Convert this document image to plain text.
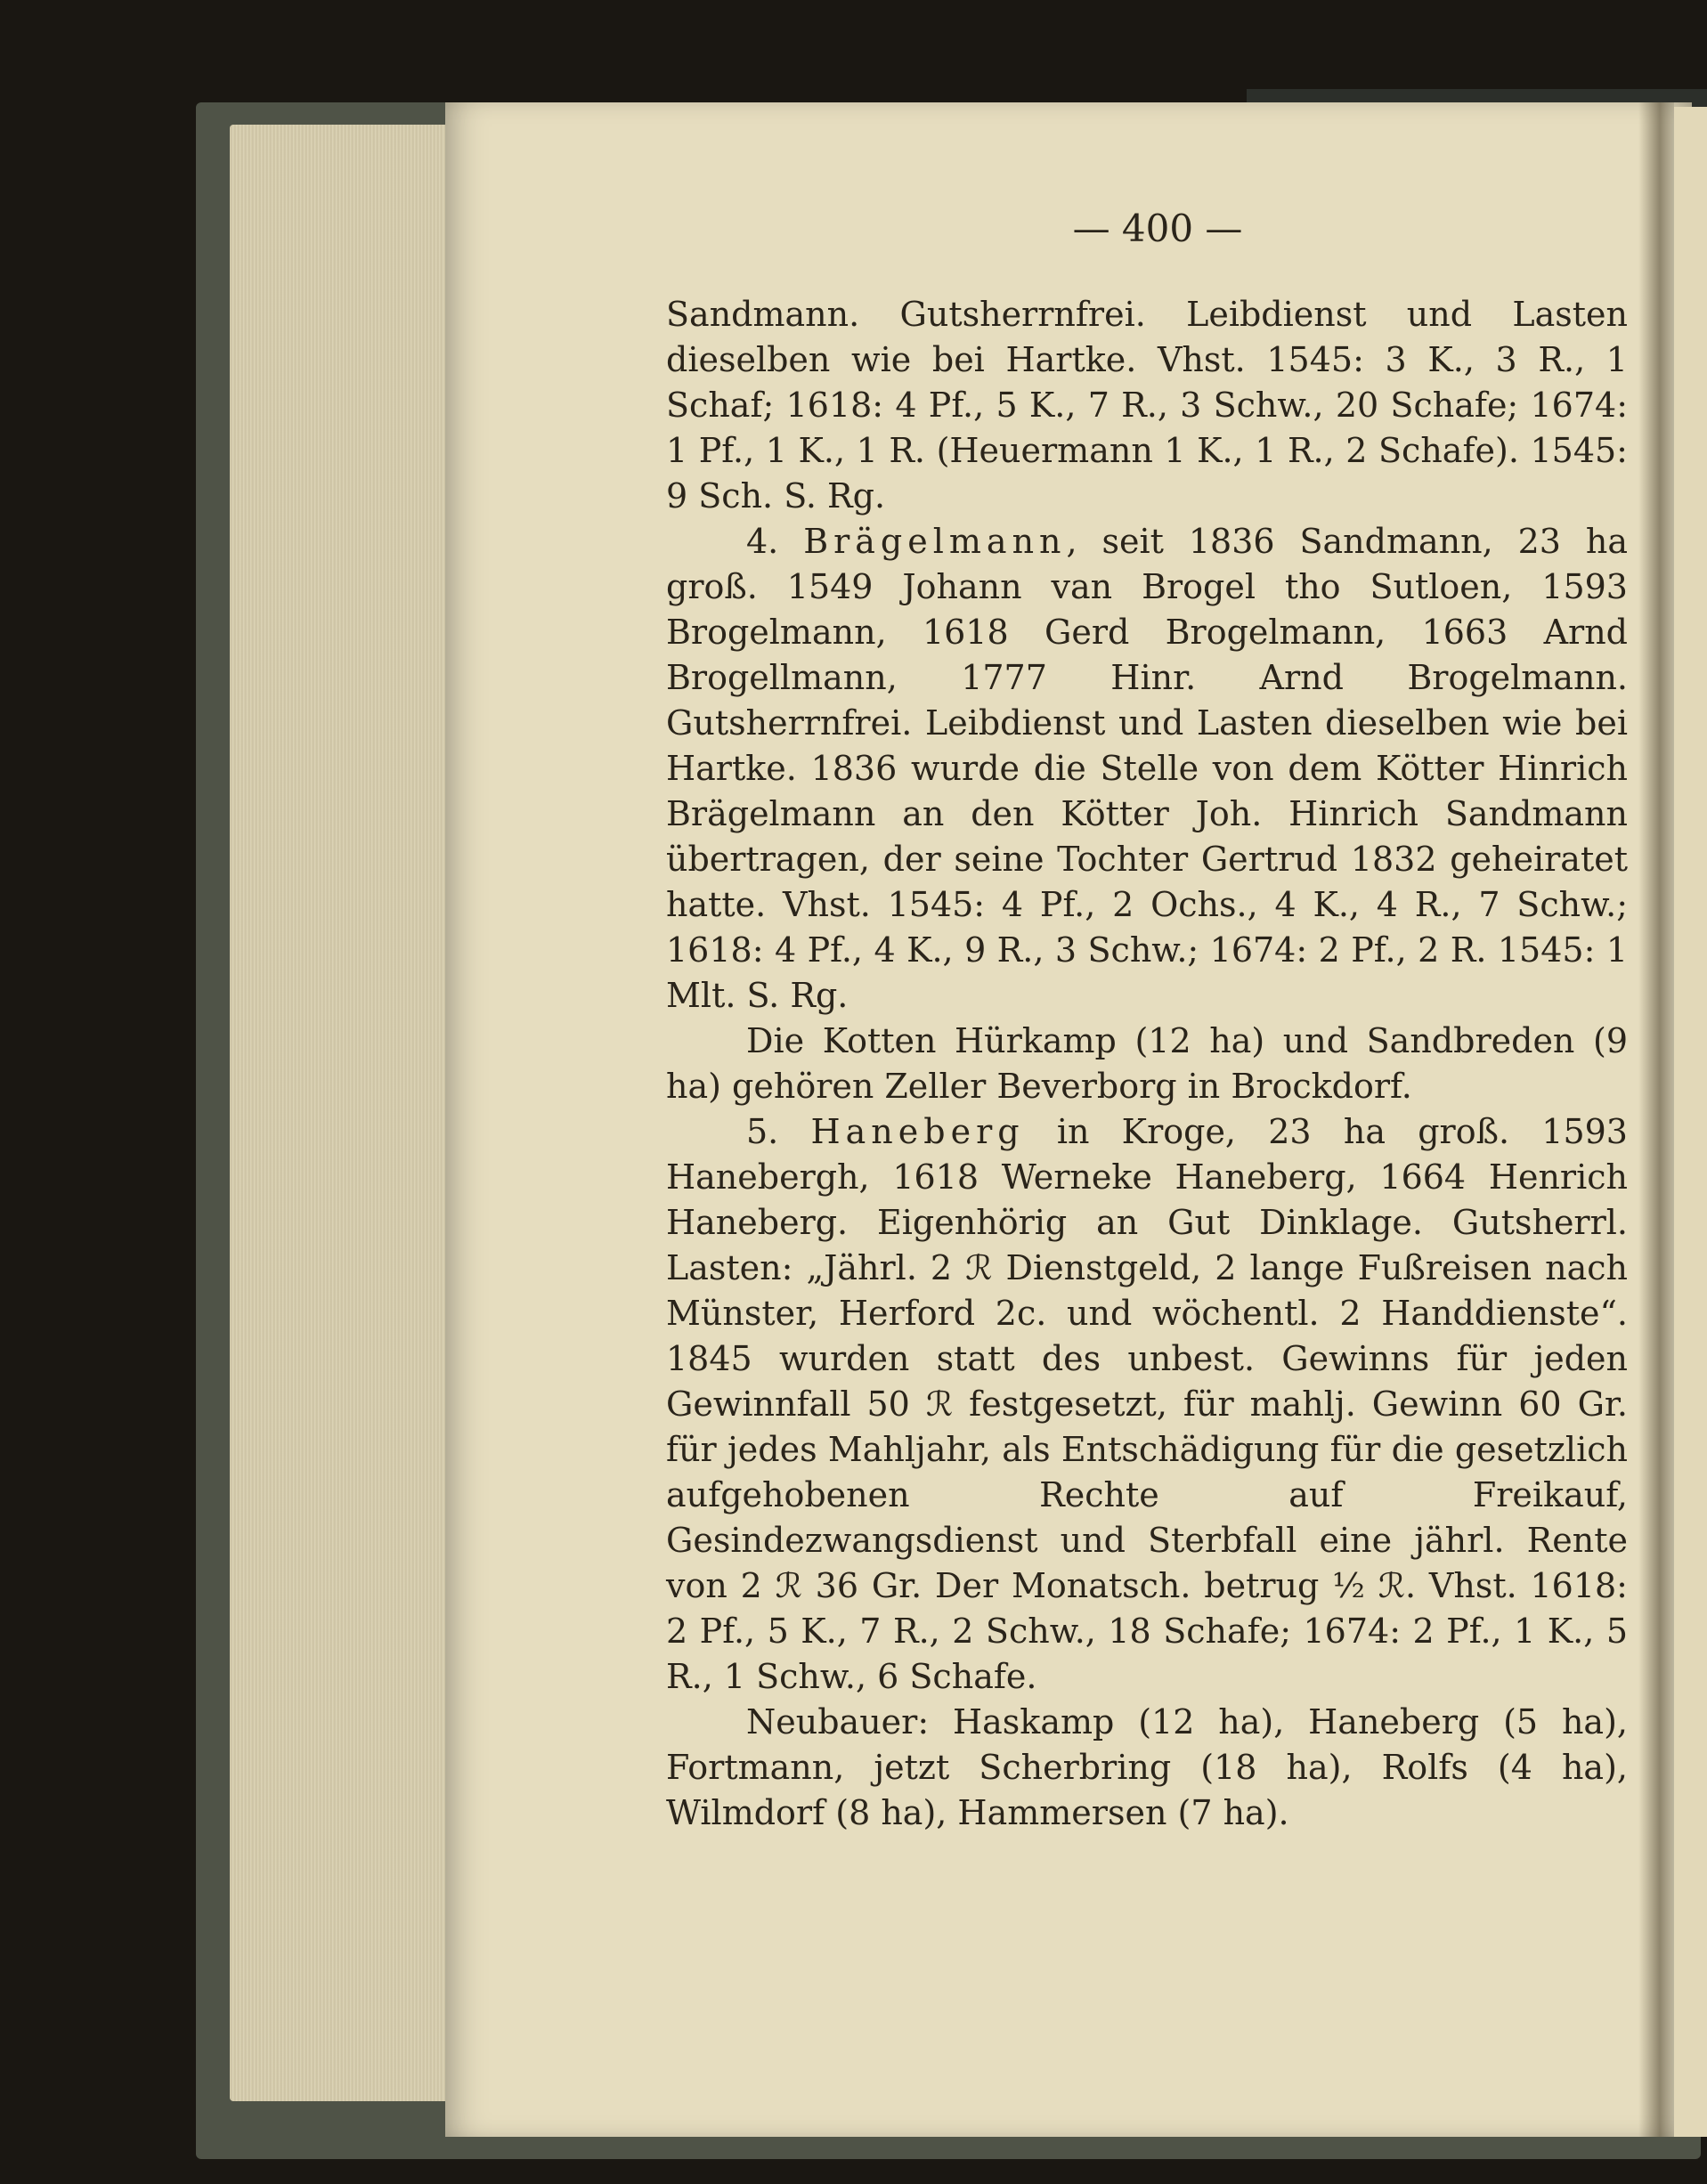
— 400 —

Sandmann. Gutsherrnfrei. Leibdienst und Lasten dieselben wie bei Hartke. Vhst. 1545: 3 K., 3 R., 1 Schaf; 1618: 4 Pf., 5 K., 7 R., 3 Schw., 20 Schafe; 1674: 1 Pf., 1 K., 1 R. (Heuermann 1 K., 1 R., 2 Schafe). 1545: 9 Sch. S. Rg.

4. Brägelmann, seit 1836 Sandmann, 23 ha groß. 1549 Johann van Brogel tho Sutloen, 1593 Brogelmann, 1618 Gerd Brogelmann, 1663 Arnd Brogellmann, 1777 Hinr. Arnd Brogelmann. Gutsherrnfrei. Leibdienst und Lasten dieselben wie bei Hartke. 1836 wurde die Stelle von dem Kötter Hinrich Brägelmann an den Kötter Joh. Hinrich Sandmann übertragen, der seine Tochter Gertrud 1832 geheiratet hatte. Vhst. 1545: 4 Pf., 2 Ochs., 4 K., 4 R., 7 Schw.; 1618: 4 Pf., 4 K., 9 R., 3 Schw.; 1674: 2 Pf., 2 R. 1545: 1 Mlt. S. Rg.

Die Kotten Hürkamp (12 ha) und Sandbreden (9 ha) gehören Zeller Beverborg in Brockdorf.

5. Haneberg in Kroge, 23 ha groß. 1593 Hanebergh, 1618 Werneke Haneberg, 1664 Henrich Haneberg. Eigenhörig an Gut Dinklage. Gutsherrl. Lasten: „Jährl. 2 ℛ︁ Dienstgeld, 2 lange Fußreisen nach Münster, Herford 2c. und wöchentl. 2 Handdienste“. 1845 wurden statt des unbest. Gewinns für jeden Gewinnfall 50 ℛ︁ festgesetzt, für mahlj. Gewinn 60 Gr. für jedes Mahljahr, als Entschädigung für die gesetzlich aufgehobenen Rechte auf Freikauf, Gesindezwangsdienst und Sterbfall eine jährl. Rente von 2 ℛ︁ 36 Gr. Der Monatsch. betrug ½ ℛ︁. Vhst. 1618: 2 Pf., 5 K., 7 R., 2 Schw., 18 Schafe; 1674: 2 Pf., 1 K., 5 R., 1 Schw., 6 Schafe.

Neubauer: Haskamp (12 ha), Haneberg (5 ha), Fortmann, jetzt Scherbring (18 ha), Rolfs (4 ha), Wilmdorf (8 ha), Hammersen (7 ha).
